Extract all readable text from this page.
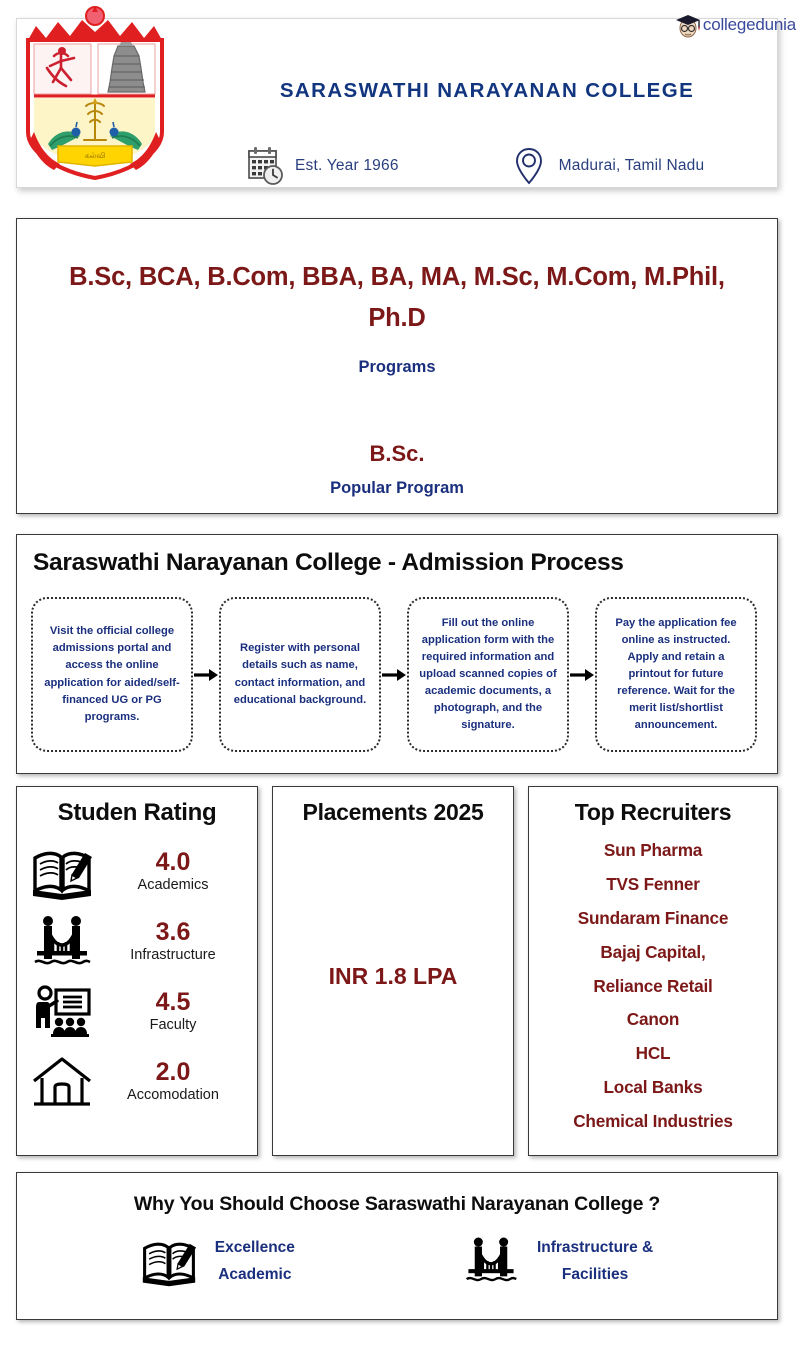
SARASWATHI NARAYANAN COLLEGE
Est. Year 1966	Madurai, Tamil Nadu
கல்வி
collegedunia
B.Sc, BCA, B.Com, BBA, BA, MA, M.Sc, M.Com, M.Phil, Ph.D
Programs
B.Sc.
Popular Program
Saraswathi Narayanan College - Admission Process
Visit the official college admissions portal and access the online application for aided/self-financed UG or PG programs.
Register with personal details such as name, contact information, and educational background.
Fill out the online application form with the required information and upload scanned copies of academic documents, a photograph, and the signature.
Pay the application fee online as instructed. Apply and retain a printout for future reference. Wait for the merit list/shortlist announcement.
Studen Rating
4.0
Academics
3.6
Infrastructure
4.5
Faculty
2.0
Accomodation
Placements 2025
INR 1.8 LPA
Top Recruiters
Sun Pharma
TVS Fenner
Sundaram Finance
Bajaj Capital,
Reliance Retail
Canon
HCL
Local Banks
Chemical Industries
Why You Should Choose Saraswathi Narayanan College ?
Excellence
Academic
Infrastructure &
Facilities
